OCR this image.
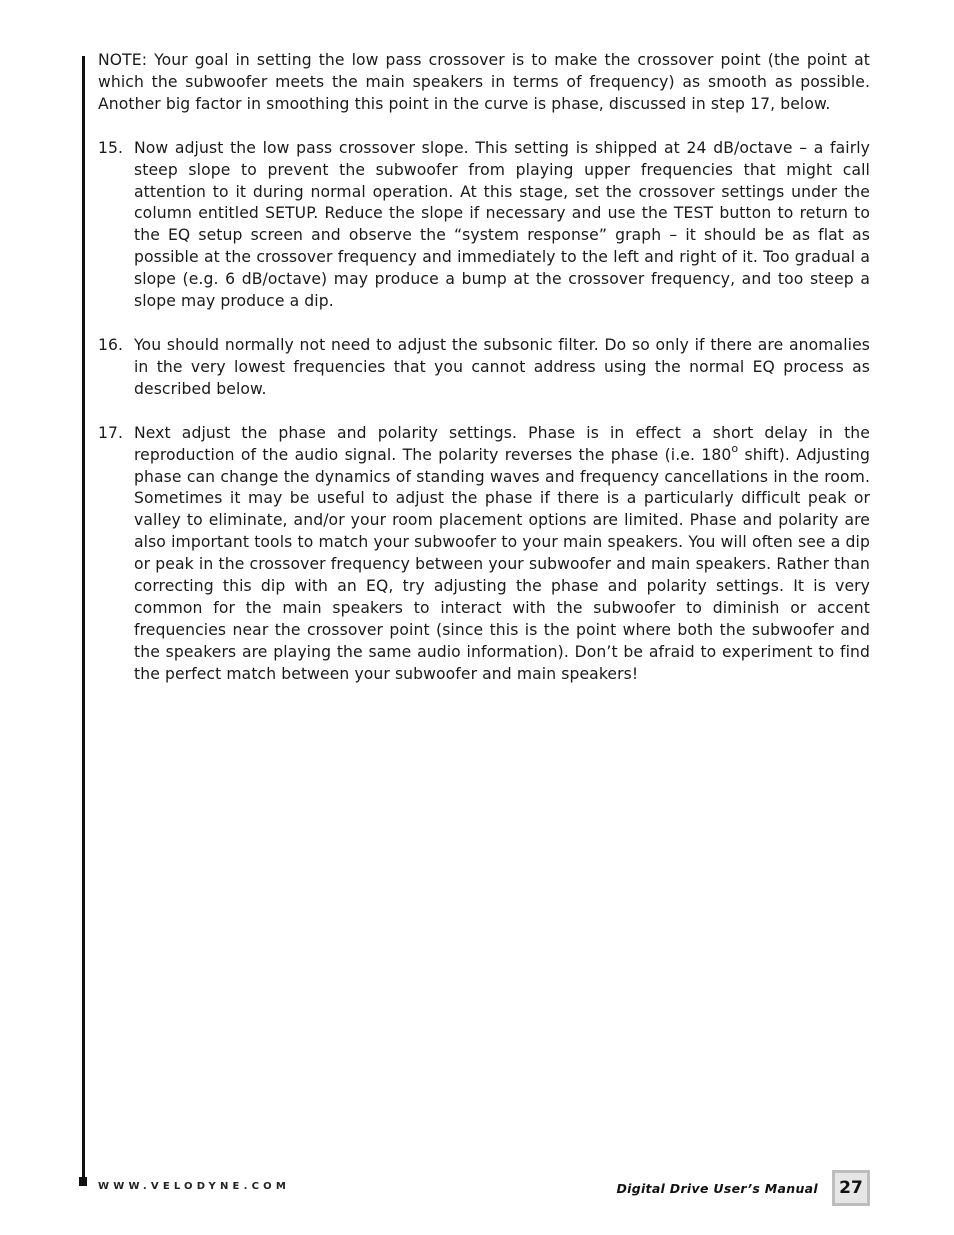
NOTE: Your goal in setting the low pass crossover is to make the crossover point (the point at which the subwoofer meets the main speakers in terms of frequency) as smooth as possible. Another big factor in smoothing this point in the curve is phase, discussed in step 17, below.

15. Now adjust the low pass crossover slope. This setting is shipped at 24 dB/octave – a fairly steep slope to prevent the subwoofer from playing upper frequencies that might call attention to it during normal operation. At this stage, set the crossover settings under the column entitled SETUP. Reduce the slope if necessary and use the TEST button to return to the EQ setup screen and observe the “system response” graph – it should be as flat as possible at the crossover frequency and immediately to the left and right of it. Too gradual a slope (e.g. 6 dB/octave) may produce a bump at the crossover frequency, and too steep a slope may produce a dip.
16. You should normally not need to adjust the subsonic filter. Do so only if there are anomalies in the very lowest frequencies that you cannot address using the normal EQ process as described below.
17. Next adjust the phase and polarity settings. Phase is in effect a short delay in the reproduction of the audio signal. The polarity reverses the phase (i.e. 180$^o$ shift). Adjusting phase can change the dynamics of standing waves and frequency cancellations in the room. Sometimes it may be useful to adjust the phase if there is a particularly difficult peak or valley to eliminate, and/or your room placement options are limited. Phase and polarity are also important tools to match your subwoofer to your main speakers. You will often see a dip or peak in the crossover frequency between your subwoofer and main speakers. Rather than correcting this dip with an EQ, try adjusting the phase and polarity settings. It is very common for the main speakers to interact with the subwoofer to diminish or accent frequencies near the crossover point (since this is the point where both the subwoofer and the speakers are playing the same audio information). Don’t be afraid to experiment to find the perfect match between your subwoofer and main speakers!
WWW.VELODYNE.COM	Digital Drive User’s Manual 27
